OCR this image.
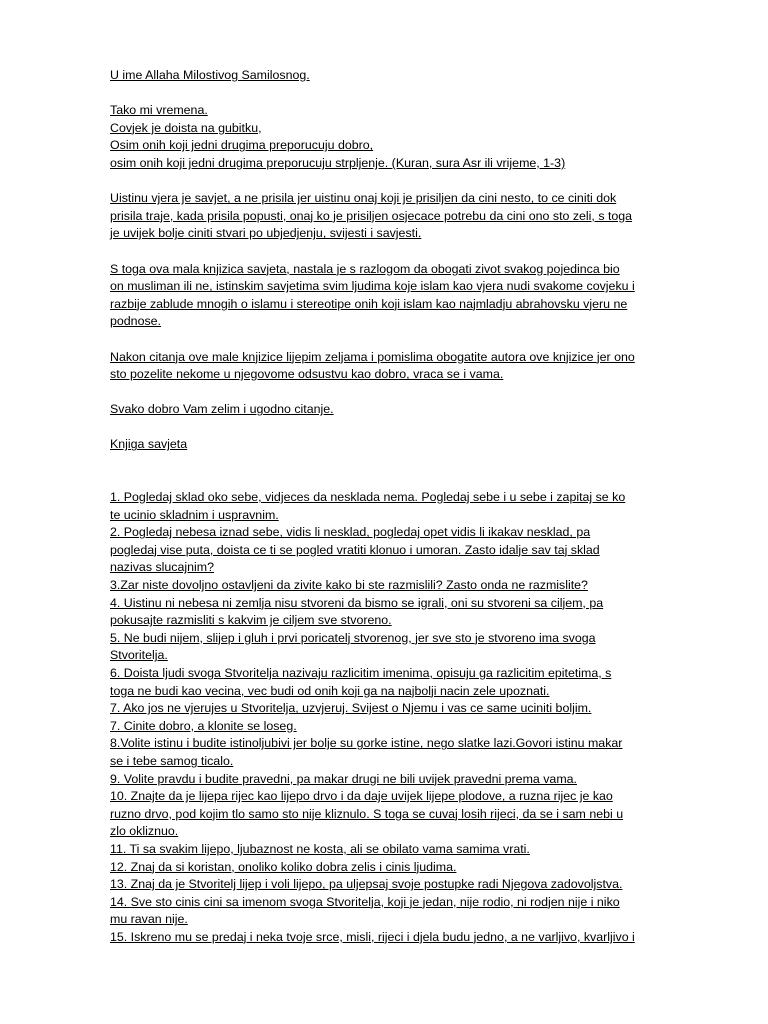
U ime Allaha Milostivog Samilosnog.
Tako mi vremena.
Covjek je doista na gubitku,
Osim onih koji jedni drugima preporucuju dobro,
osim onih koji jedni drugima preporucuju strpljenje. (Kuran, sura Asr ili vrijeme, 1-3)
Uistinu vjera je savjet, a ne prisila jer uistinu onaj koji je prisiljen da cini nesto, to ce ciniti dok
prisila traje, kada prisila popusti, onaj ko je prisiljen osjecace potrebu da cini ono sto zeli, s toga
je uvijek bolje ciniti stvari po ubjedjenju, svijesti i savjesti.
S toga ova mala knjizica savjeta, nastala je s razlogom da obogati zivot svakog pojedinca bio
on musliman ili ne, istinskim savjetima svim ljudima koje islam kao vjera nudi svakome covjeku i
razbije zablude mnogih o islamu i stereotipe onih koji islam kao najmladju abrahovsku vjeru ne
podnose.
Nakon citanja ove male knjizice lijepim zeljama i pomislima obogatite autora ove knjizice jer ono
sto pozelite nekome u njegovome odsustvu kao dobro, vraca se i vama.
Svako dobro Vam zelim i ugodno citanje.
Knjiga savjeta
1. Pogledaj sklad oko sebe, vidjeces da nesklada nema. Pogledaj sebe i u sebe i zapitaj se ko
te ucinio skladnim i uspravnim.
2. Pogledaj nebesa iznad sebe, vidis li nesklad, pogledaj opet vidis li ikakav nesklad, pa
pogledaj vise puta, doista ce ti se pogled vratiti klonuo i umoran. Zasto idalje sav taj sklad
nazivas slucajnim?
3.Zar niste dovoljno ostavljeni da zivite kako bi ste razmislili? Zasto onda ne razmislite?
4. Uistinu ni nebesa ni zemlja nisu stvoreni da bismo se igrali, oni su stvoreni sa ciljem, pa
pokusajte razmisliti s kakvim je ciljem sve stvoreno.
5. Ne budi nijem, slijep i gluh i prvi poricatelj stvorenog, jer sve sto je stvoreno ima svoga
Stvoritelja.
6. Doista ljudi svoga Stvoritelja nazivaju razlicitim imenima, opisuju ga razlicitim epitetima, s
toga ne budi kao vecina, vec budi od onih koji ga na najbolji nacin zele upoznati.
7. Ako jos ne vjerujes u Stvoritelja, uzvjeruj. Svijest o Njemu i vas ce same uciniti boljim.
7. Cinite dobro, a klonite se loseg.
8.Volite istinu i budite istinoljubivi jer bolje su gorke istine, nego slatke lazi.Govori istinu makar
se i tebe samog ticalo.
9. Volite pravdu i budite pravedni, pa makar drugi ne bili uvijek pravedni prema vama.
10. Znajte da je lijepa rijec kao lijepo drvo i da daje uvijek lijepe plodove, a ruzna rijec je kao
ruzno drvo, pod kojim tlo samo sto nije kliznulo. S toga se cuvaj losih rijeci, da se i sam nebi u
zlo okliznuo.
11. Ti sa svakim lijepo, ljubaznost ne kosta, ali se obilato vama samima vrati.
12. Znaj da si koristan, onoliko koliko dobra zelis i cinis ljudima.
13. Znaj da je Stvoritelj lijep i voli lijepo, pa uljepsaj svoje postupke radi Njegova zadovoljstva.
14. Sve sto cinis cini sa imenom svoga Stvoritelja, koji je jedan, nije rodio, ni rodjen nije i niko
mu ravan nije.
15. Iskreno mu se predaj i neka tvoje srce, misli, rijeci i djela budu jedno, a ne varljivo, kvarljivo i
